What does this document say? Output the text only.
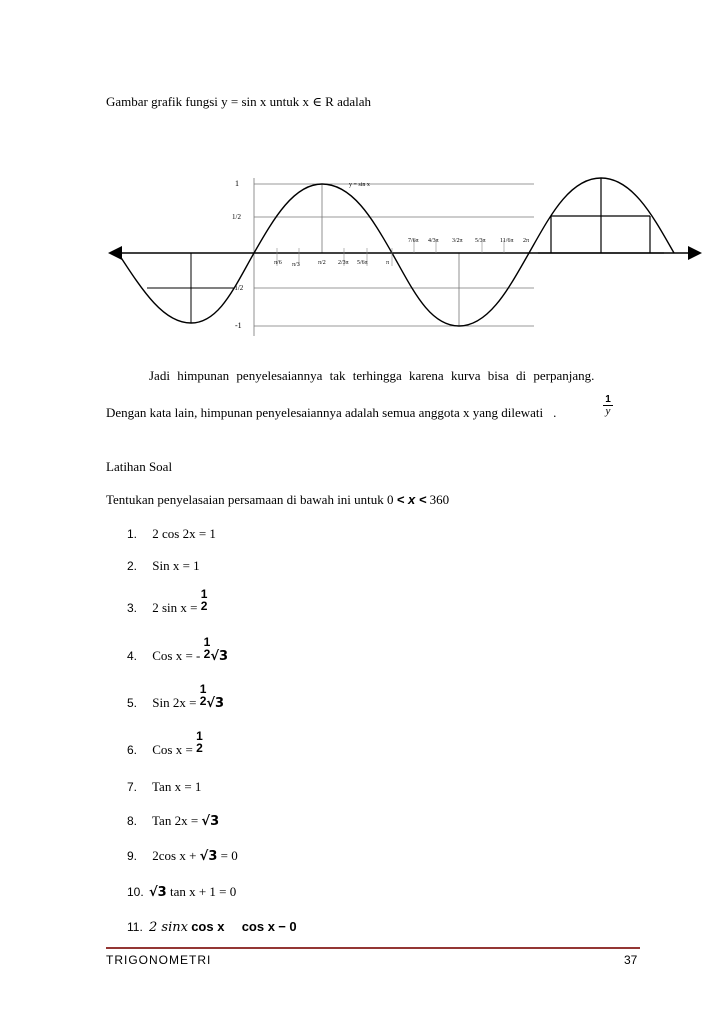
Gambar grafik fungsi y = sin x untuk x ∈ R adalah
1
1/2
-1/2
-1
y = sin x
π/6 π/3	π/2 2/3π 5/6π	π
7/6π 4/3π 3/2π 5/3π 11/6π 2π
Jadi himpunan penyelesaiannya tak terhingga karena kurva bisa di perpanjang.
Dengan kata lain, himpunan penyelesaiannya adalah semua anggota x yang dilewati .	$\frac{1}{y}$
Latihan Soal
Tentukan penyelasaian persamaan di bawah ini untuk 0 < x < 360
1. 2 cos 2x = 1
2. Sin x = 1
3. 2 sin x =
1
2
4. Cos x = -
1
2 √3
5. Sin 2x =
1
2 √3
6. Cos x =
1
2
7. Tan x = 1
8. Tan 2x = √3
9. 2cos x + √3 = 0
10. √3 tan x + 1 = 0
11. 2 sinx cos x cos x − 0
TRIGONOMETRI	37
